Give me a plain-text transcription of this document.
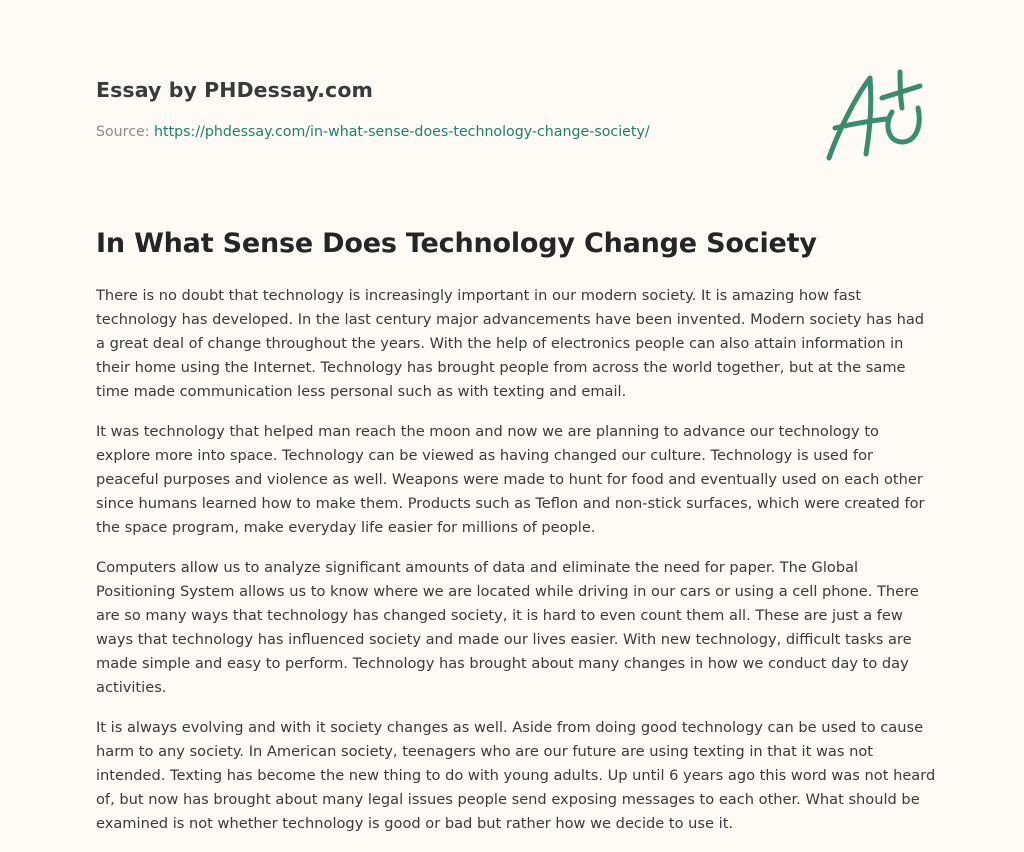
Essay by PHDessay.com
Source: https://phdessay.com/in-what-sense-does-technology-change-society/
In What Sense Does Technology Change Society

There is no doubt that technology is increasingly important in our modern society. It is amazing how fast technology has developed. In the last century major advancements have been invented. Modern society has had a great deal of change throughout the years. With the help of electronics people can also attain information in their home using the Internet. Technology has brought people from across the world together, but at the same time made communication less personal such as with texting and email.

It was technology that helped man reach the moon and now we are planning to advance our technology to explore more into space. Technology can be viewed as having changed our culture. Technology is used for peaceful purposes and violence as well. Weapons were made to hunt for food and eventually used on each other since humans learned how to make them. Products such as Teflon and non-stick surfaces, which were created for the space program, make everyday life easier for millions of people.

Computers allow us to analyze significant amounts of data and eliminate the need for paper. The Global Positioning System allows us to know where we are located while driving in our cars or using a cell phone. There are so many ways that technology has changed society, it is hard to even count them all. These are just a few ways that technology has influenced society and made our lives easier. With new technology, difficult tasks are made simple and easy to perform. Technology has brought about many changes in how we conduct day to day activities.

It is always evolving and with it society changes as well. Aside from doing good technology can be used to cause harm to any society. In American society, teenagers who are our future are using texting in that it was not intended. Texting has become the new thing to do with young adults. Up until 6 years ago this word was not heard of, but now has brought about many legal issues people send exposing messages to each other. What should be examined is not whether technology is good or bad but rather how we decide to use it.
